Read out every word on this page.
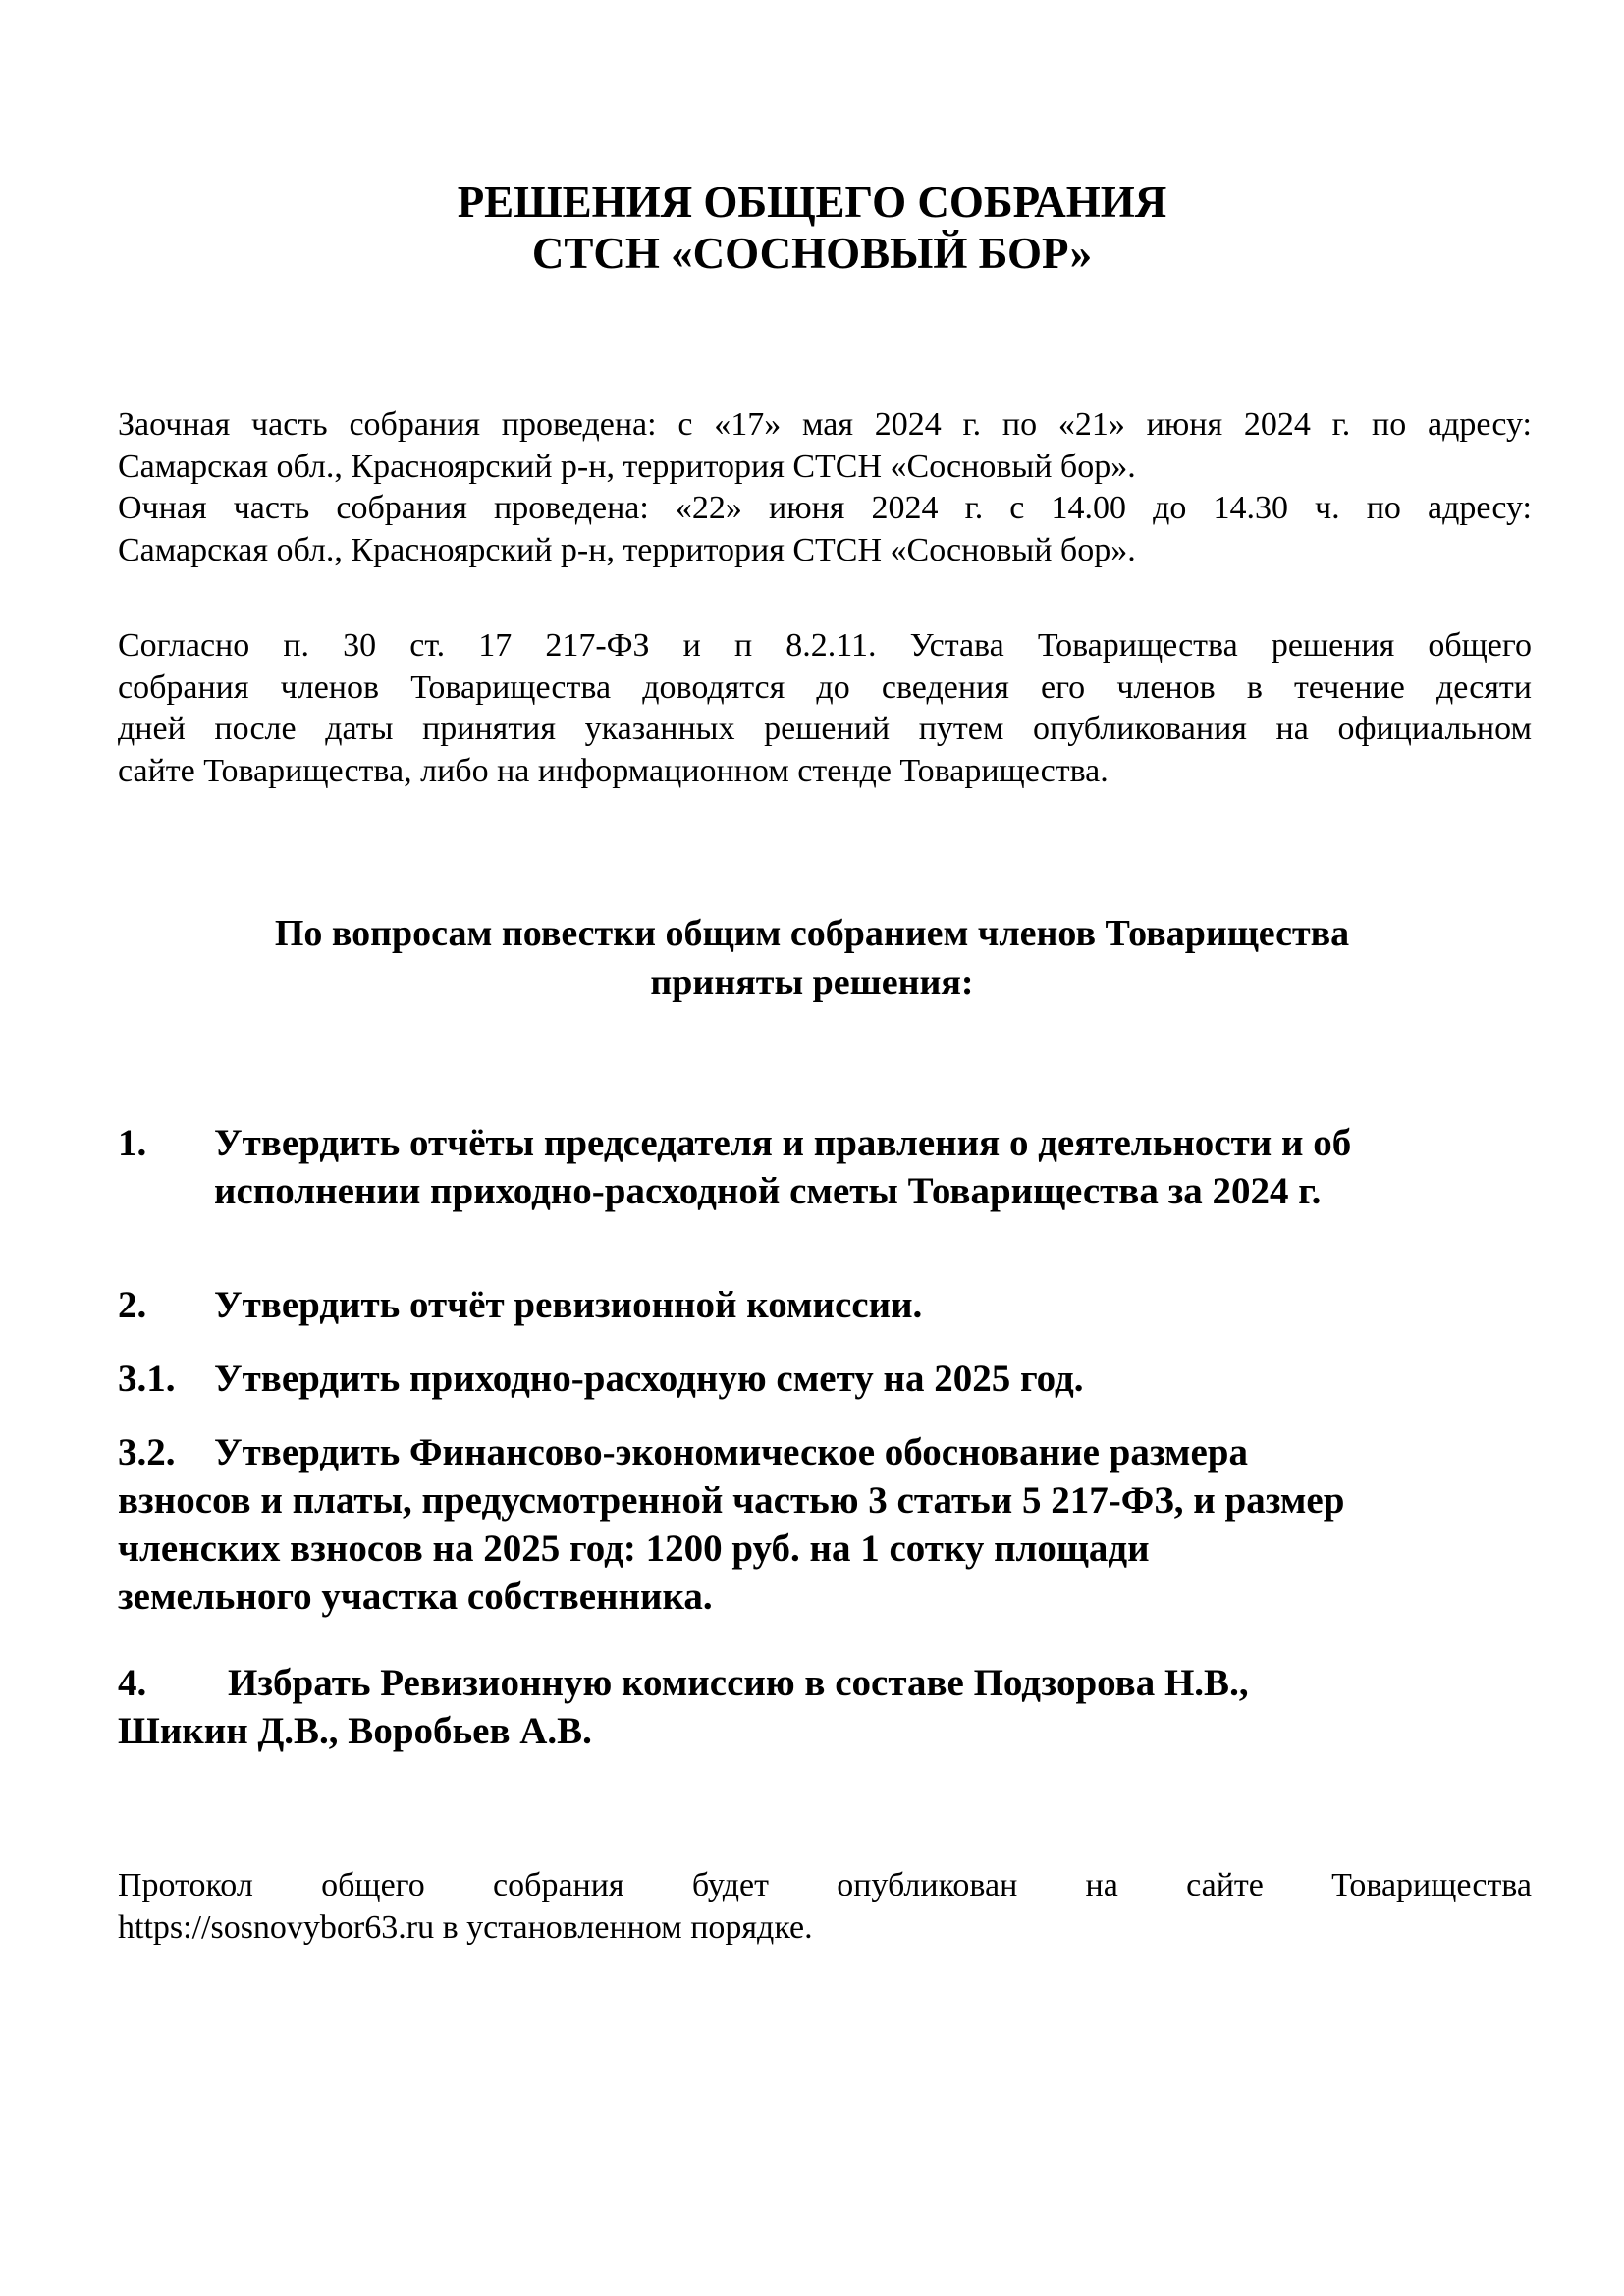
РЕШЕНИЯ ОБЩЕГО СОБРАНИЯ
СТСН «СОСНОВЫЙ БОР»
Заочная часть собрания проведена: с «17» мая 2024 г. по «21» июня 2024 г. по адресу:
Самарская обл., Красноярский р-н, территория СТСН «Сосновый бор».
Очная часть собрания проведена: «22» июня 2024 г. с 14.00 до 14.30 ч. по адресу:
Самарская обл., Красноярский р-н, территория СТСН «Сосновый бор».
Согласно п. 30 ст. 17 217-ФЗ и п 8.2.11. Устава Товарищества решения общего
собрания членов Товарищества доводятся до сведения его членов в течение десяти
дней после даты принятия указанных решений путем опубликования на официальном
сайте Товарищества, либо на информационном стенде Товарищества.
По вопросам повестки общим собранием членов Товарищества
приняты решения:
1. Утвердить отчёты председателя и правления о деятельности и об
исполнении приходно-расходной сметы Товарищества за 2024 г.
2. Утвердить отчёт ревизионной комиссии.
3.1. Утвердить приходно-расходную смету на 2025 год.
3.2. Утвердить Финансово-экономическое обоснование размера
взносов и платы, предусмотренной частью 3 статьи 5 217-ФЗ, и размер
членских взносов на 2025 год: 1200 руб. на 1 сотку площади
земельного участка собственника.
4. Избрать Ревизионную комиссию в составе Подзорова Н.В.,
Шикин Д.В., Воробьев А.В.
Протокол общего собрания будет опубликован на сайте Товарищества
https://sosnovybor63.ru в установленном порядке.
